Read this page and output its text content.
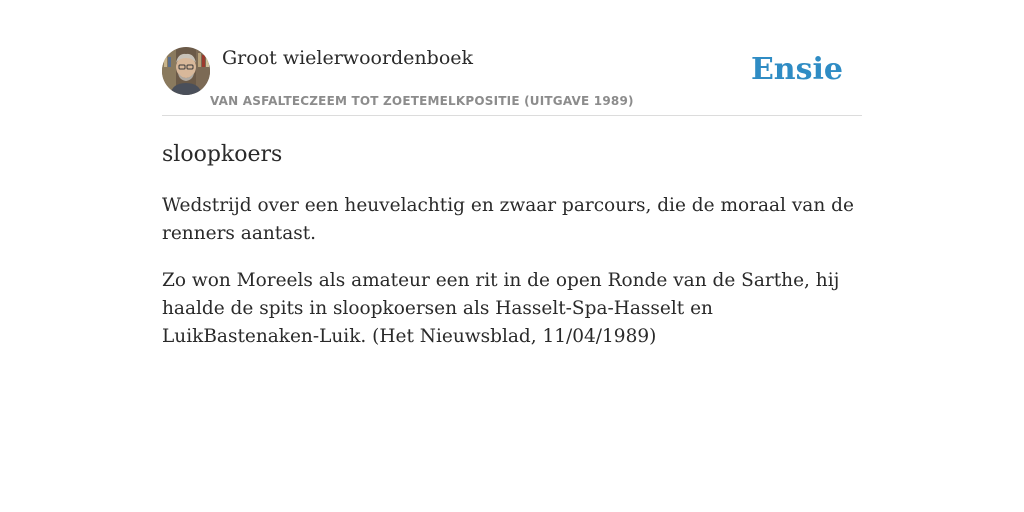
Groot wielerwoordenboek
VAN ASFALTECZEEM TOT ZOETEMELKPOSITIE (UITGAVE 1989)
Ensie
sloopkoers

Wedstrijd over een heuvelachtig en zwaar parcours, die de moraal van de renners aantast.

Zo won Moreels als amateur een rit in de open Ronde van de Sarthe, hij haalde de spits in sloopkoersen als Hasselt-Spa-Hasselt en LuikBastenaken-Luik. (Het Nieuwsblad, 11/04/1989)
